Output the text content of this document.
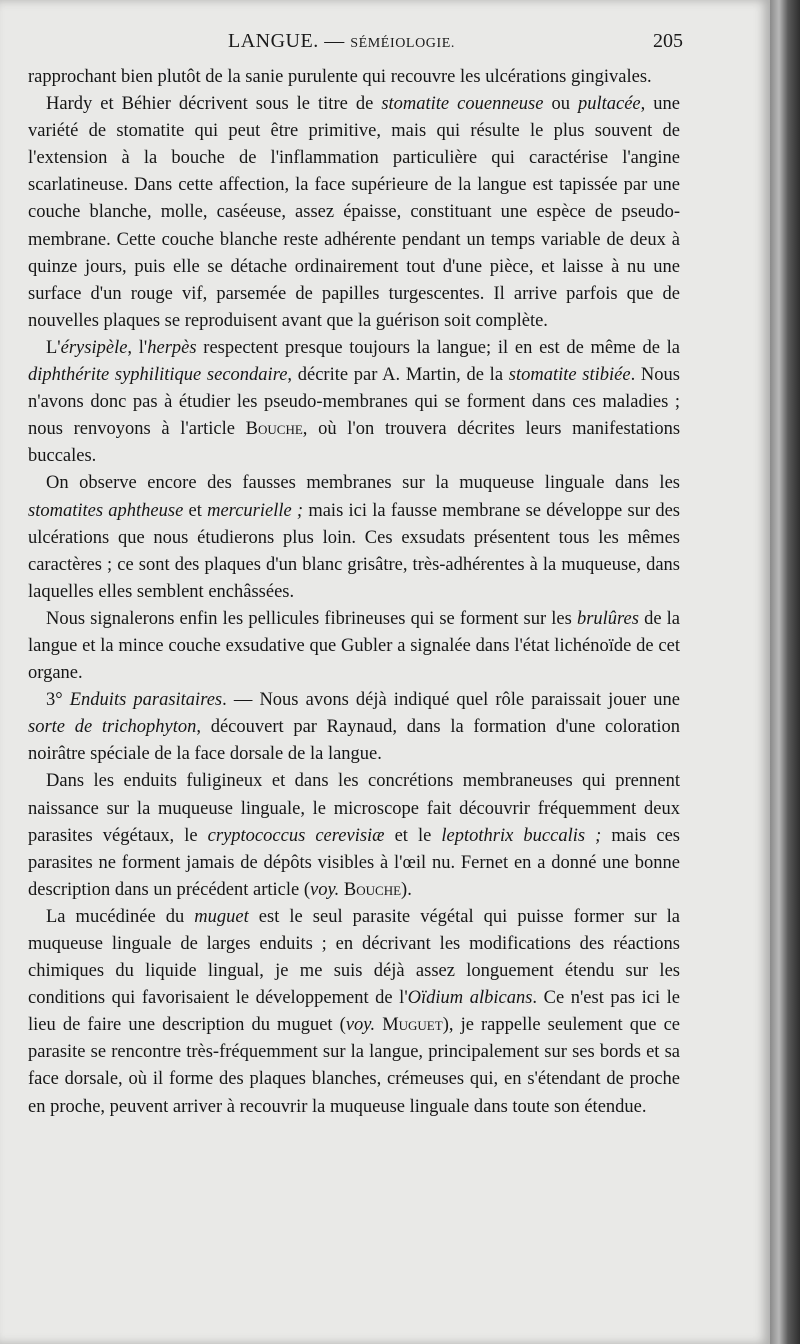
LANGUE. — SÉMÉIOLOGIE.	205

rapprochant bien plutôt de la sanie purulente qui recouvre les ulcérations gingivales.

Hardy et Béhier décrivent sous le titre de stomatite couenneuse ou pultacée, une variété de stomatite qui peut être primitive, mais qui résulte le plus souvent de l'extension à la bouche de l'inflammation particulière qui caractérise l'angine scarlatineuse. Dans cette affection, la face supérieure de la langue est tapissée par une couche blanche, molle, caséeuse, assez épaisse, constituant une espèce de pseudo-membrane. Cette couche blanche reste adhérente pendant un temps variable de deux à quinze jours, puis elle se détache ordinairement tout d'une pièce, et laisse à nu une surface d'un rouge vif, parsemée de papilles turgescentes. Il arrive parfois que de nouvelles plaques se reproduisent avant que la guérison soit complète.

L'érysipèle, l'herpès respectent presque toujours la langue; il en est de même de la diphthérite syphilitique secondaire, décrite par A. Martin, de la stomatite stibiée. Nous n'avons donc pas à étudier les pseudo-membranes qui se forment dans ces maladies ; nous renvoyons à l'article Bouche, où l'on trouvera décrites leurs manifestations buccales.

On observe encore des fausses membranes sur la muqueuse linguale dans les stomatites aphtheuse et mercurielle ; mais ici la fausse membrane se développe sur des ulcérations que nous étudierons plus loin. Ces exsudats présentent tous les mêmes caractères ; ce sont des plaques d'un blanc grisâtre, très-adhérentes à la muqueuse, dans laquelles elles semblent enchâssées.

Nous signalerons enfin les pellicules fibrineuses qui se forment sur les brulûres de la langue et la mince couche exsudative que Gubler a signalée dans l'état lichénoïde de cet organe.

3° Enduits parasitaires. — Nous avons déjà indiqué quel rôle paraissait jouer une sorte de trichophyton, découvert par Raynaud, dans la formation d'une coloration noirâtre spéciale de la face dorsale de la langue.

Dans les enduits fuligineux et dans les concrétions membraneuses qui prennent naissance sur la muqueuse linguale, le microscope fait découvrir fréquemment deux parasites végétaux, le cryptococcus cerevisiæ et le leptothrix buccalis ; mais ces parasites ne forment jamais de dépôts visibles à l'œil nu. Fernet en a donné une bonne description dans un précédent article (voy. Bouche).

La mucédinée du muguet est le seul parasite végétal qui puisse former sur la muqueuse linguale de larges enduits ; en décrivant les modifications des réactions chimiques du liquide lingual, je me suis déjà assez longuement étendu sur les conditions qui favorisaient le développement de l'Oïdium albicans. Ce n'est pas ici le lieu de faire une description du muguet (voy. Muguet), je rappelle seulement que ce parasite se rencontre très-fréquemment sur la langue, principalement sur ses bords et sa face dorsale, où il forme des plaques blanches, crémeuses qui, en s'étendant de proche en proche, peuvent arriver à recouvrir la muqueuse linguale dans toute son étendue.
